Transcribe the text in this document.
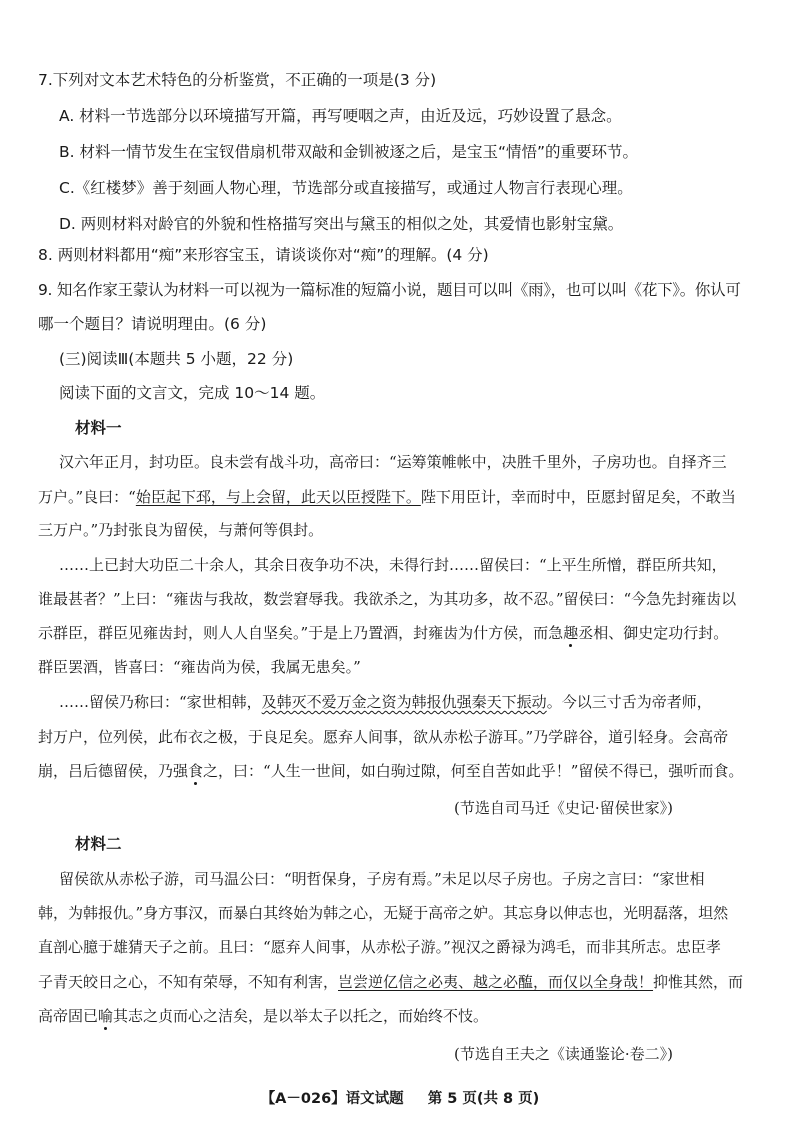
7.下列对文本艺术特色的分析鉴赏，不正确的一项是(3 分)
A. 材料一节选部分以环境描写开篇，再写哽咽之声，由近及远，巧妙设置了悬念。
B. 材料一情节发生在宝钗借扇机带双敲和金钏被逐之后，是宝玉“情悟”的重要环节。
C.《红楼梦》善于刻画人物心理，节选部分或直接描写，或通过人物言行表现心理。
D. 两则材料对龄官的外貌和性格描写突出与黛玉的相似之处，其爱情也影射宝黛。
8. 两则材料都用“痴”来形容宝玉，请谈谈你对“痴”的理解。(4 分)
9. 知名作家王蒙认为材料一可以视为一篇标准的短篇小说，题目可以叫《雨》，也可以叫《花下》。你认可
哪一个题目？请说明理由。(6 分)
(三)阅读Ⅲ(本题共 5 小题，22 分)
阅读下面的文言文，完成 10～14 题。
材料一
汉六年正月，封功臣。良未尝有战斗功，高帝曰：“运筹策帷帐中，决胜千里外，子房功也。自择齐三
万户。”良曰：“始臣起下邳，与上会留，此天以臣授陛下。陛下用臣计，幸而时中，臣愿封留足矣，不敢当
三万户。”乃封张良为留侯，与萧何等俱封。
……上已封大功臣二十余人，其余日夜争功不决，未得行封……留侯曰：“上平生所憎，群臣所共知，
谁最甚者？”上曰：“雍齿与我故，数尝窘辱我。我欲杀之，为其功多，故不忍。”留侯曰：“今急先封雍齿以
示群臣，群臣见雍齿封，则人人自坚矣。”于是上乃置酒，封雍齿为什方侯，而急趣丞相、御史定功行封。
群臣罢酒，皆喜曰：“雍齿尚为侯，我属无患矣。”
……留侯乃称曰：“家世相韩，及韩灭不爱万金之资为韩报仇强秦天下振动。今以三寸舌为帝者师，
封万户，位列侯，此布衣之极，于良足矣。愿弃人间事，欲从赤松子游耳。”乃学辟谷，道引轻身。会高帝
崩，吕后德留侯，乃强食之，曰：“人生一世间，如白驹过隙，何至自苦如此乎！”留侯不得已，强听而食。
(节选自司马迁《史记·留侯世家》)
材料二
留侯欲从赤松子游，司马温公曰：“明哲保身，子房有焉。”未足以尽子房也。子房之言曰：“家世相
韩，为韩报仇。”身方事汉，而暴白其终始为韩之心，无疑于高帝之妒。其忘身以伸志也，光明磊落，坦然
直剖心臆于雄猜天子之前。且曰：“愿弃人间事，从赤松子游。”视汉之爵禄为鸿毛，而非其所志。忠臣孝
子青天皎日之心，不知有荣辱，不知有利害，岂尝逆亿信之必夷、越之必醢，而仅以全身哉！抑惟其然，而
高帝固已喻其志之贞而心之洁矣，是以举太子以托之，而始终不忮。
(节选自王夫之《读通鉴论·卷二》)
【A－026】语文试题 第 5 页(共 8 页)
